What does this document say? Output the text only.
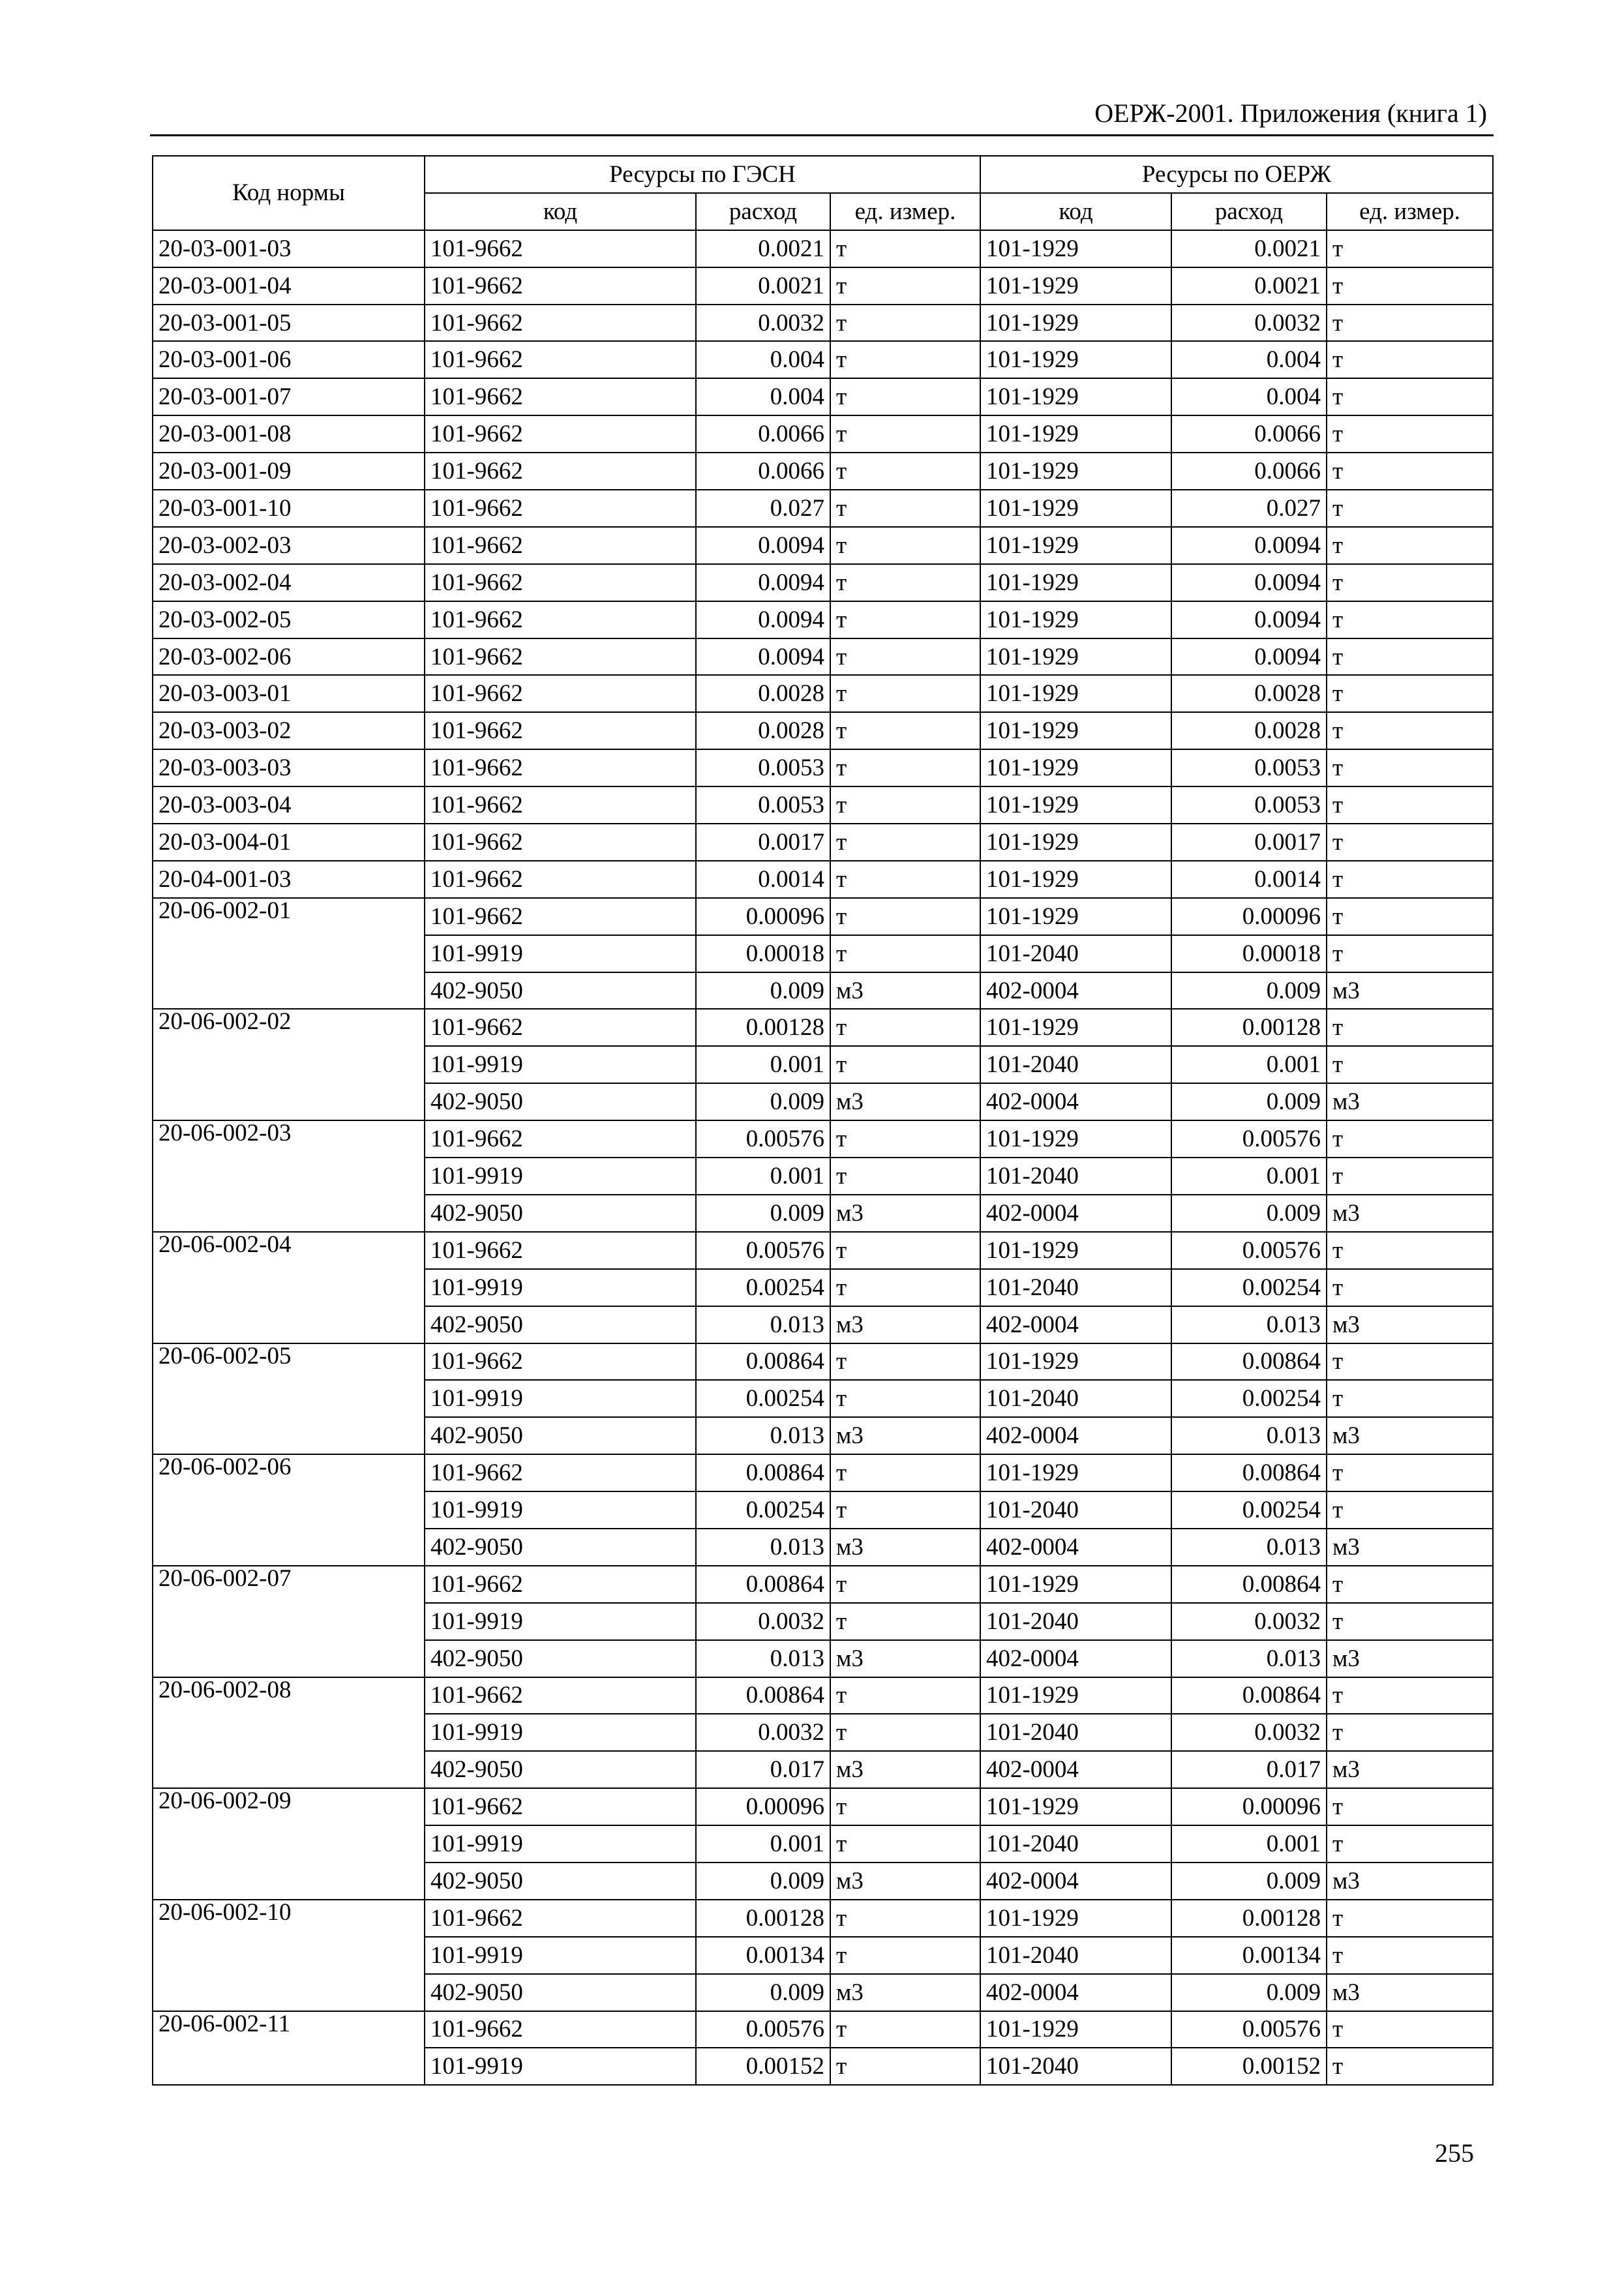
ОЕРЖ-2001. Приложения (книга 1)
Код нормы	Ресурсы по ГЭСН			Ресурсы по ОЕРЖ		
	код	расход	ед. измер.	код	расход	ед. измер.
20-03-001-03	101-9662	0.0021	т	101-1929	0.0021	т
20-03-001-04	101-9662	0.0021	т	101-1929	0.0021	т
20-03-001-05	101-9662	0.0032	т	101-1929	0.0032	т
20-03-001-06	101-9662	0.004	т	101-1929	0.004	т
20-03-001-07	101-9662	0.004	т	101-1929	0.004	т
20-03-001-08	101-9662	0.0066	т	101-1929	0.0066	т
20-03-001-09	101-9662	0.0066	т	101-1929	0.0066	т
20-03-001-10	101-9662	0.027	т	101-1929	0.027	т
20-03-002-03	101-9662	0.0094	т	101-1929	0.0094	т
20-03-002-04	101-9662	0.0094	т	101-1929	0.0094	т
20-03-002-05	101-9662	0.0094	т	101-1929	0.0094	т
20-03-002-06	101-9662	0.0094	т	101-1929	0.0094	т
20-03-003-01	101-9662	0.0028	т	101-1929	0.0028	т
20-03-003-02	101-9662	0.0028	т	101-1929	0.0028	т
20-03-003-03	101-9662	0.0053	т	101-1929	0.0053	т
20-03-003-04	101-9662	0.0053	т	101-1929	0.0053	т
20-03-004-01	101-9662	0.0017	т	101-1929	0.0017	т
20-04-001-03	101-9662	0.0014	т	101-1929	0.0014	т
20-06-002-01	101-9662	0.00096	т	101-1929	0.00096	т
	101-9919	0.00018	т	101-2040	0.00018	т
	402-9050	0.009	м3	402-0004	0.009	м3
20-06-002-02	101-9662	0.00128	т	101-1929	0.00128	т
	101-9919	0.001	т	101-2040	0.001	т
	402-9050	0.009	м3	402-0004	0.009	м3
20-06-002-03	101-9662	0.00576	т	101-1929	0.00576	т
	101-9919	0.001	т	101-2040	0.001	т
	402-9050	0.009	м3	402-0004	0.009	м3
20-06-002-04	101-9662	0.00576	т	101-1929	0.00576	т
	101-9919	0.00254	т	101-2040	0.00254	т
	402-9050	0.013	м3	402-0004	0.013	м3
20-06-002-05	101-9662	0.00864	т	101-1929	0.00864	т
	101-9919	0.00254	т	101-2040	0.00254	т
	402-9050	0.013	м3	402-0004	0.013	м3
20-06-002-06	101-9662	0.00864	т	101-1929	0.00864	т
	101-9919	0.00254	т	101-2040	0.00254	т
	402-9050	0.013	м3	402-0004	0.013	м3
20-06-002-07	101-9662	0.00864	т	101-1929	0.00864	т
	101-9919	0.0032	т	101-2040	0.0032	т
	402-9050	0.013	м3	402-0004	0.013	м3
20-06-002-08	101-9662	0.00864	т	101-1929	0.00864	т
	101-9919	0.0032	т	101-2040	0.0032	т
	402-9050	0.017	м3	402-0004	0.017	м3
20-06-002-09	101-9662	0.00096	т	101-1929	0.00096	т
	101-9919	0.001	т	101-2040	0.001	т
	402-9050	0.009	м3	402-0004	0.009	м3
20-06-002-10	101-9662	0.00128	т	101-1929	0.00128	т
	101-9919	0.00134	т	101-2040	0.00134	т
	402-9050	0.009	м3	402-0004	0.009	м3
20-06-002-11	101-9662	0.00576	т	101-1929	0.00576	т
	101-9919	0.00152	т	101-2040	0.00152	т
255
